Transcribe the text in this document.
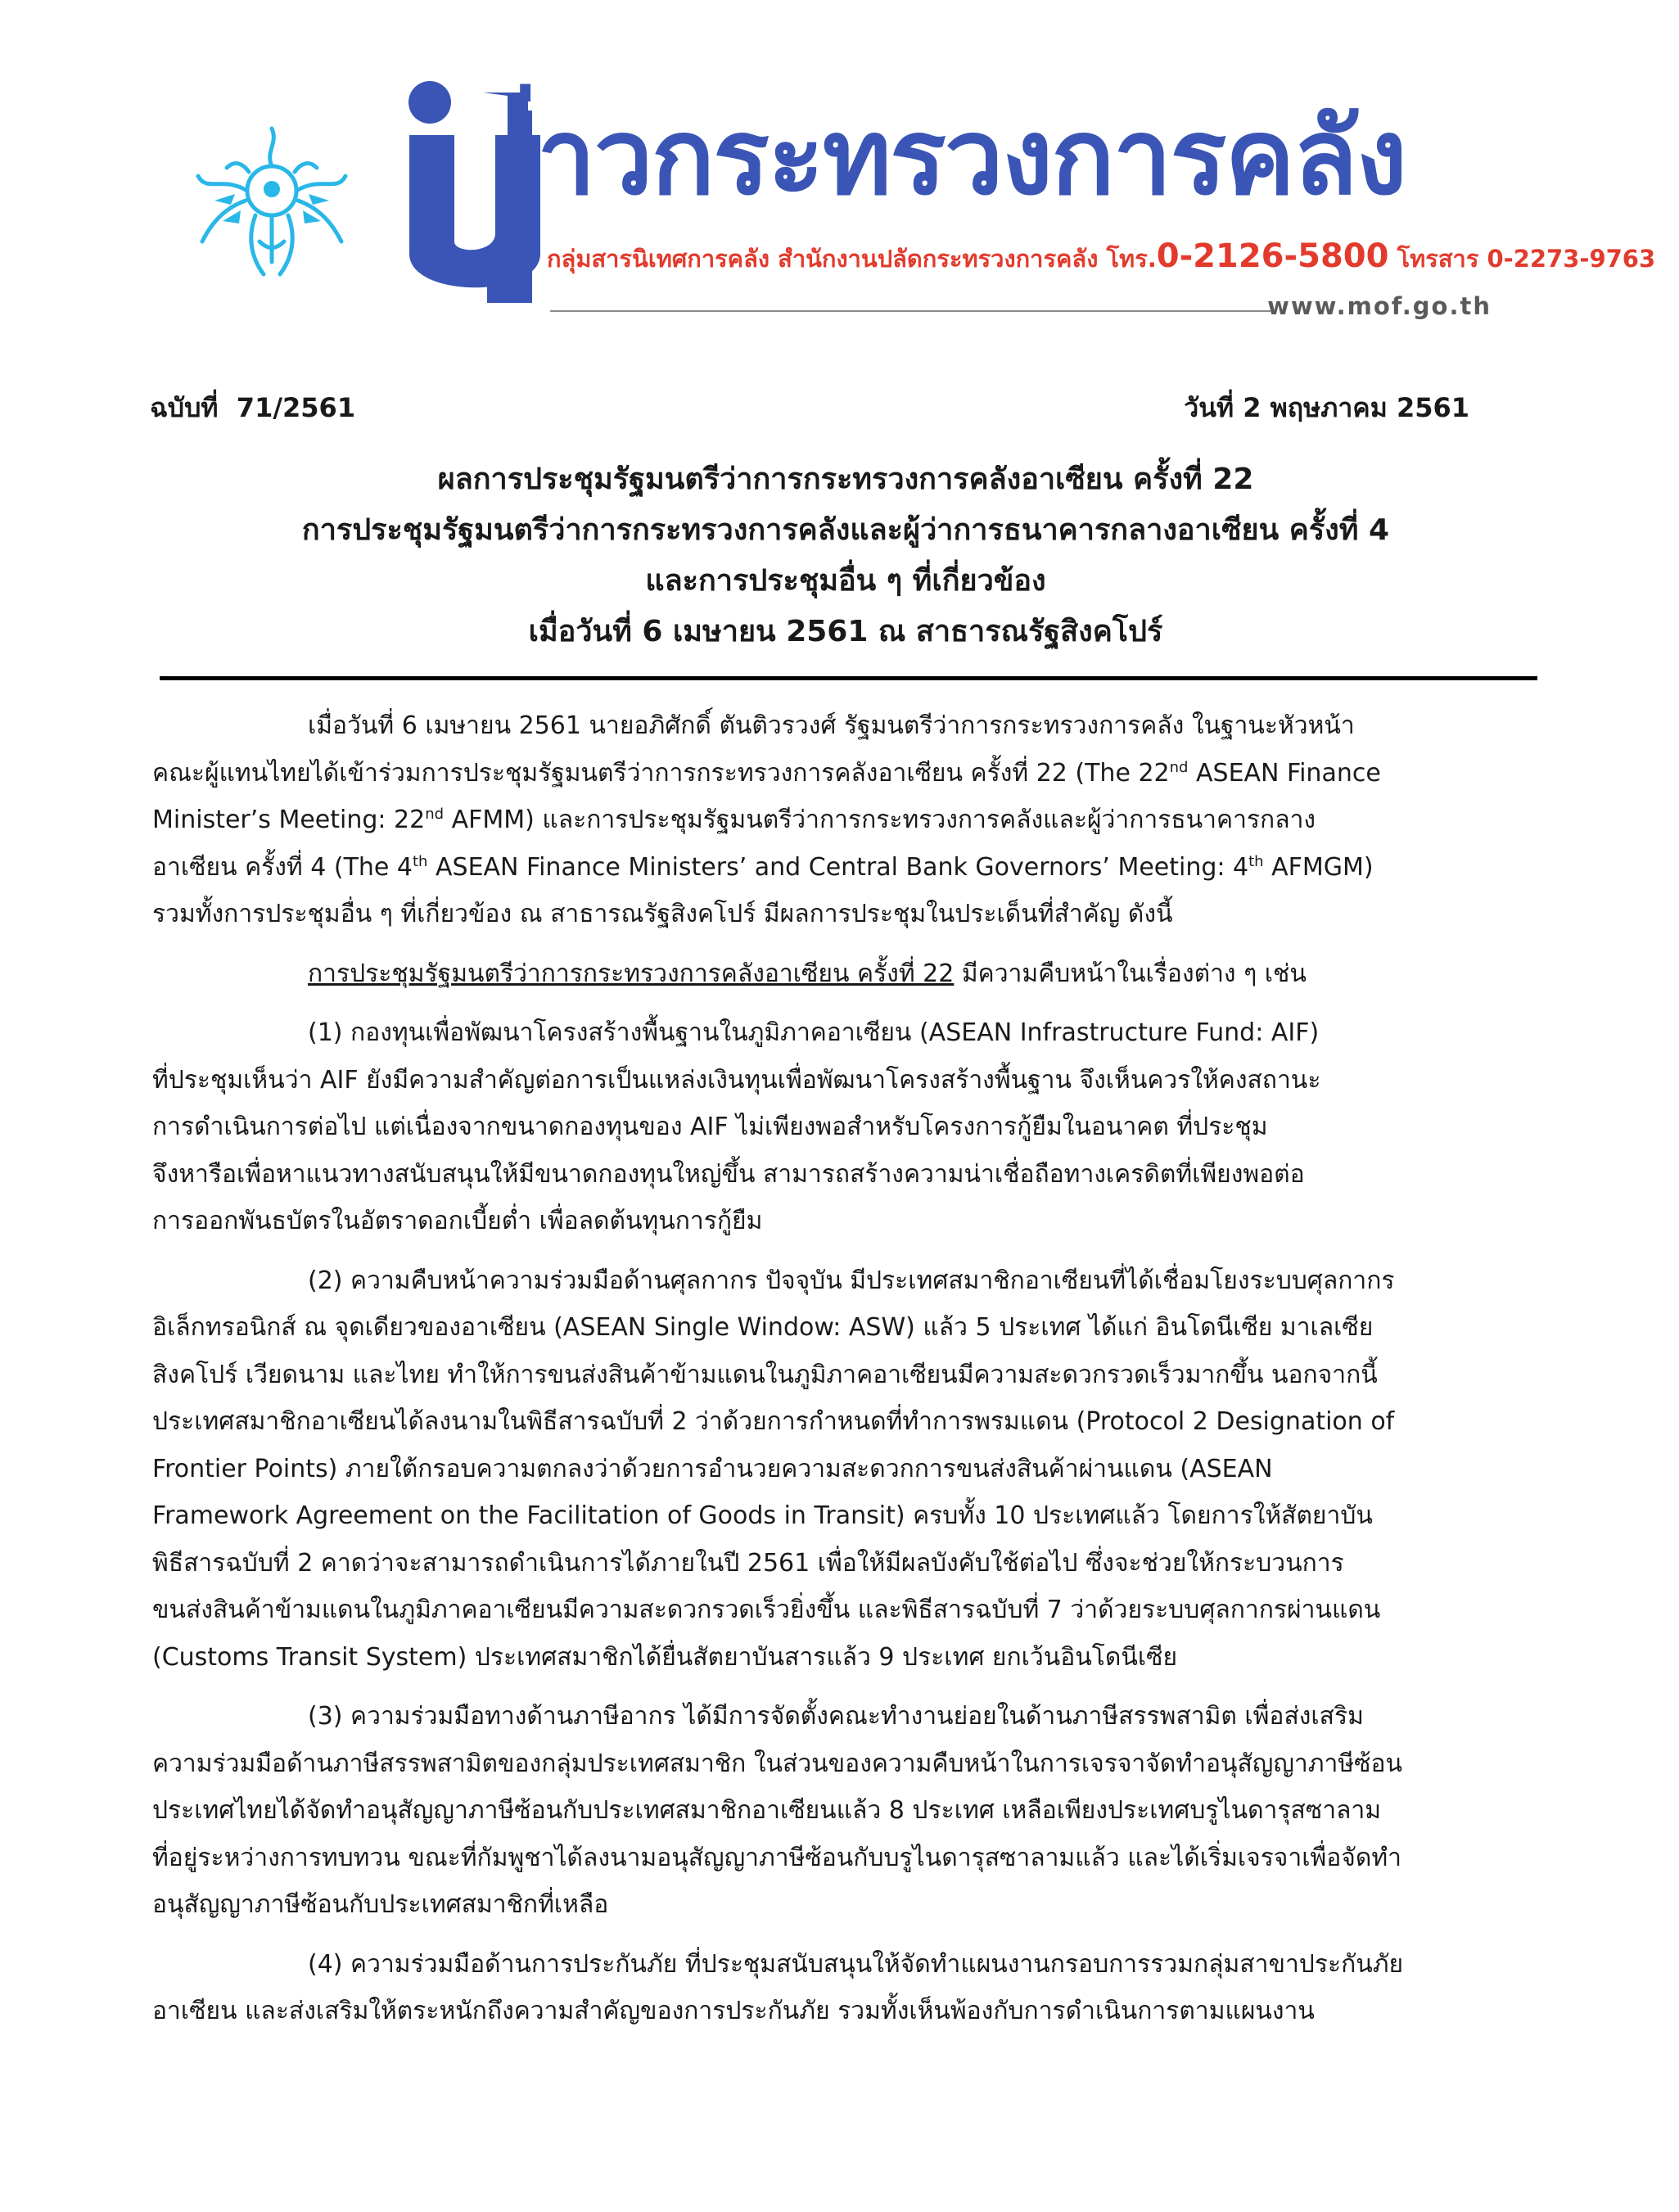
่าวกระทรวงการคลัง
กลุ่มสารนิเทศการคลัง สำนักงานปลัดกระทรวงการคลัง โทร.0-2126-5800 โทรสาร 0-2273-9763
www.mof.go.th
ฉบับที่  71/2561	วันที่ 2 พฤษภาคม 2561
ผลการประชุมรัฐมนตรีว่าการกระทรวงการคลังอาเซียน ครั้งที่ 22
การประชุมรัฐมนตรีว่าการกระทรวงการคลังและผู้ว่าการธนาคารกลางอาเซียน ครั้งที่ 4
และการประชุมอื่น ๆ ที่เกี่ยวข้อง
เมื่อวันที่ 6 เมษายน 2561 ณ สาธารณรัฐสิงคโปร์
เมื่อวันที่ 6 เมษายน 2561 นายอภิศักดิ์ ตันติวรวงศ์ รัฐมนตรีว่าการกระทรวงการคลัง ในฐานะหัวหน้า
คณะผู้แทนไทยได้เข้าร่วมการประชุมรัฐมนตรีว่าการกระทรวงการคลังอาเซียน ครั้งที่ 22 (The 22nd ASEAN Finance
Minister’s Meeting: 22nd AFMM) และการประชุมรัฐมนตรีว่าการกระทรวงการคลังและผู้ว่าการธนาคารกลาง
อาเซียน ครั้งที่ 4 (The 4th ASEAN Finance Ministers’ and Central Bank Governors’ Meeting: 4th AFMGM)
รวมทั้งการประชุมอื่น ๆ ที่เกี่ยวข้อง ณ สาธารณรัฐสิงคโปร์ มีผลการประชุมในประเด็นที่สำคัญ ดังนี้
การประชุมรัฐมนตรีว่าการกระทรวงการคลังอาเซียน ครั้งที่ 22 มีความคืบหน้าในเรื่องต่าง ๆ เช่น
(1) กองทุนเพื่อพัฒนาโครงสร้างพื้นฐานในภูมิภาคอาเซียน (ASEAN Infrastructure Fund: AIF)
ที่ประชุมเห็นว่า AIF ยังมีความสำคัญต่อการเป็นแหล่งเงินทุนเพื่อพัฒนาโครงสร้างพื้นฐาน จึงเห็นควรให้คงสถานะ
การดำเนินการต่อไป แต่เนื่องจากขนาดกองทุนของ AIF ไม่เพียงพอสำหรับโครงการกู้ยืมในอนาคต ที่ประชุม
จึงหารือเพื่อหาแนวทางสนับสนุนให้มีขนาดกองทุนใหญ่ขึ้น สามารถสร้างความน่าเชื่อถือทางเครดิตที่เพียงพอต่อ
การออกพันธบัตรในอัตราดอกเบี้ยต่ำ เพื่อลดต้นทุนการกู้ยืม
(2) ความคืบหน้าความร่วมมือด้านศุลกากร ปัจจุบัน มีประเทศสมาชิกอาเซียนที่ได้เชื่อมโยงระบบศุลกากร
อิเล็กทรอนิกส์ ณ จุดเดียวของอาเซียน (ASEAN Single Window: ASW) แล้ว 5 ประเทศ ได้แก่ อินโดนีเซีย มาเลเซีย
สิงคโปร์ เวียดนาม และไทย ทำให้การขนส่งสินค้าข้ามแดนในภูมิภาคอาเซียนมีความสะดวกรวดเร็วมากขึ้น นอกจากนี้
ประเทศสมาชิกอาเซียนได้ลงนามในพิธีสารฉบับที่ 2 ว่าด้วยการกำหนดที่ทำการพรมแดน (Protocol 2 Designation of
Frontier Points) ภายใต้กรอบความตกลงว่าด้วยการอำนวยความสะดวกการขนส่งสินค้าผ่านแดน (ASEAN
Framework Agreement on the Facilitation of Goods in Transit) ครบทั้ง 10 ประเทศแล้ว โดยการให้สัตยาบัน
พิธีสารฉบับที่ 2 คาดว่าจะสามารถดำเนินการได้ภายในปี 2561 เพื่อให้มีผลบังคับใช้ต่อไป ซึ่งจะช่วยให้กระบวนการ
ขนส่งสินค้าข้ามแดนในภูมิภาคอาเซียนมีความสะดวกรวดเร็วยิ่งขึ้น และพิธีสารฉบับที่ 7 ว่าด้วยระบบศุลกากรผ่านแดน
(Customs Transit System) ประเทศสมาชิกได้ยื่นสัตยาบันสารแล้ว 9 ประเทศ ยกเว้นอินโดนีเซีย
(3) ความร่วมมือทางด้านภาษีอากร ได้มีการจัดตั้งคณะทำงานย่อยในด้านภาษีสรรพสามิต เพื่อส่งเสริม
ความร่วมมือด้านภาษีสรรพสามิตของกลุ่มประเทศสมาชิก ในส่วนของความคืบหน้าในการเจรจาจัดทำอนุสัญญาภาษีซ้อน
ประเทศไทยได้จัดทำอนุสัญญาภาษีซ้อนกับประเทศสมาชิกอาเซียนแล้ว 8 ประเทศ เหลือเพียงประเทศบรูไนดารุสซาลาม
ที่อยู่ระหว่างการทบทวน ขณะที่กัมพูชาได้ลงนามอนุสัญญาภาษีซ้อนกับบรูไนดารุสซาลามแล้ว และได้เริ่มเจรจาเพื่อจัดทำ
อนุสัญญาภาษีซ้อนกับประเทศสมาชิกที่เหลือ
(4) ความร่วมมือด้านการประกันภัย ที่ประชุมสนับสนุนให้จัดทำแผนงานกรอบการรวมกลุ่มสาขาประกันภัย
อาเซียน และส่งเสริมให้ตระหนักถึงความสำคัญของการประกันภัย รวมทั้งเห็นพ้องกับการดำเนินการตามแผนงาน
